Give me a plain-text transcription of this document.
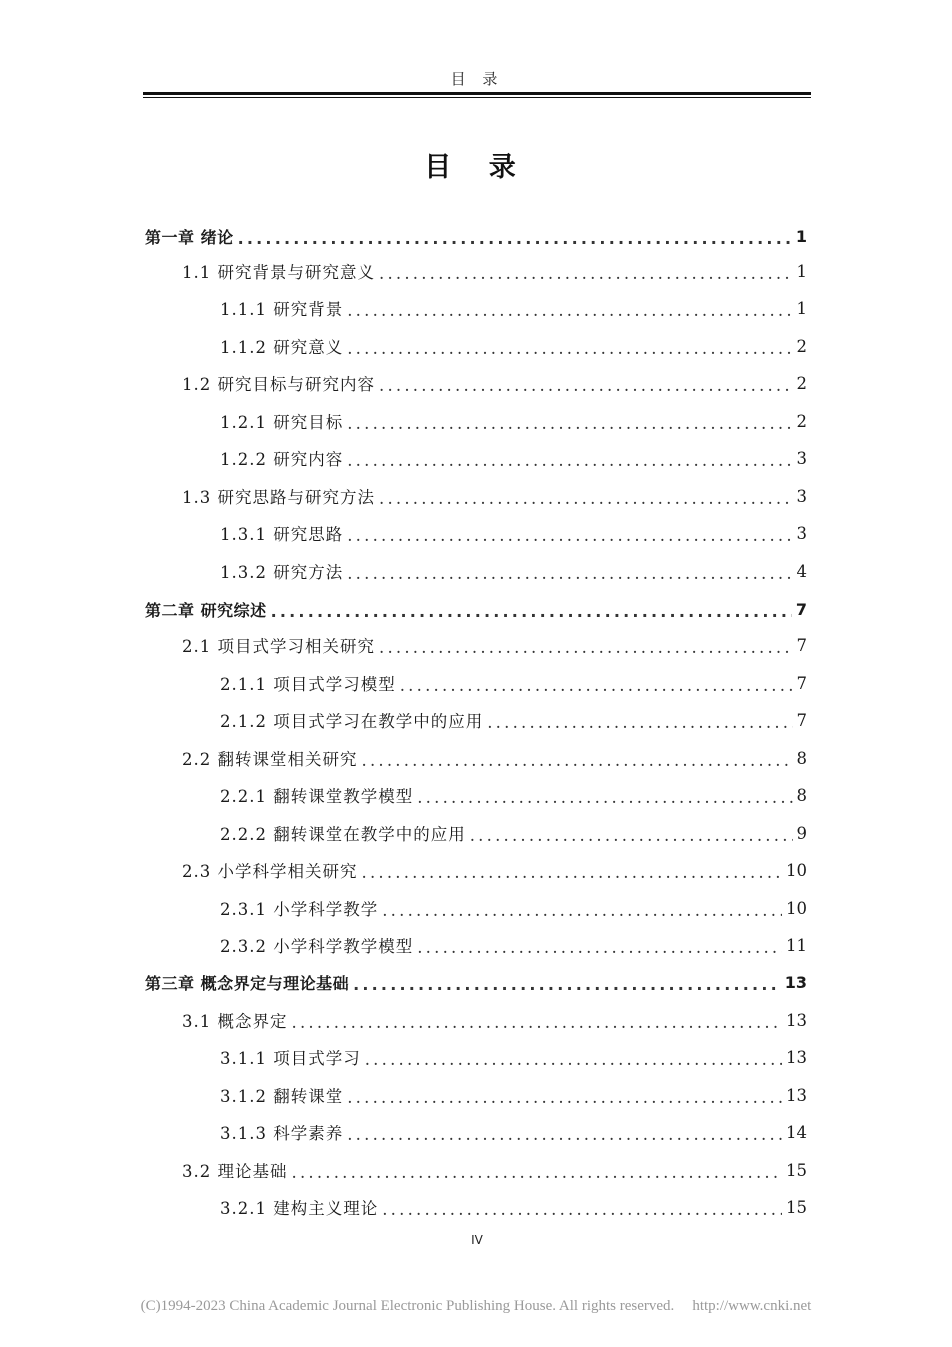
目 录
目 录
第一章 绪论 .....	1
1.1 研究背景与研究意义 .....	1
1.1.1 研究背景 .....	1
1.1.2 研究意义 .....	2
1.2 研究目标与研究内容 .....	2
1.2.1 研究目标 .....	2
1.2.2 研究内容 .....	3
1.3 研究思路与研究方法 .....	3
1.3.1 研究思路 .....	3
1.3.2 研究方法 .....	4
第二章 研究综述 .....	7
2.1 项目式学习相关研究 .....	7
2.1.1 项目式学习模型 .....	7
2.1.2 项目式学习在教学中的应用 .....	7
2.2 翻转课堂相关研究 .....	8
2.2.1 翻转课堂教学模型 .....	8
2.2.2 翻转课堂在教学中的应用 .....	9
2.3 小学科学相关研究 .....	10
2.3.1 小学科学教学 .....	10
2.3.2 小学科学教学模型 .....	11
第三章 概念界定与理论基础 .....	13
3.1 概念界定 .....	13
3.1.1 项目式学习 .....	13
3.1.2 翻转课堂 .....	13
3.1.3 科学素养 .....	14
3.2 理论基础 .....	15
3.2.1 建构主义理论 .....	15
IV
(C)1994-2023 China Academic Journal Electronic Publishing House. All rights reserved. http://www.cnki.net
